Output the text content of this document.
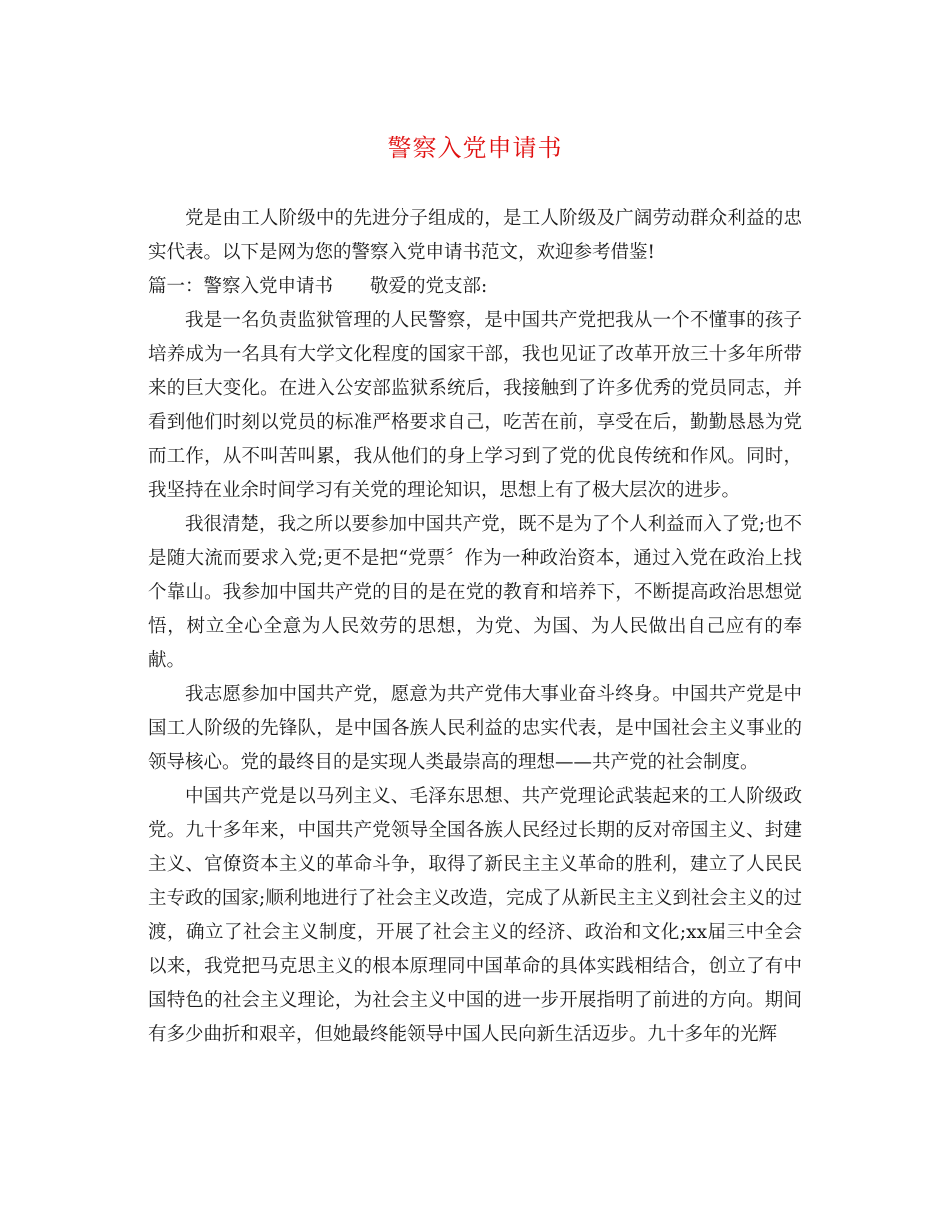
警察入党申请书

党是由工人阶级中的先进分子组成的，是工人阶级及广阔劳动群众利益的忠实代表。以下是网为您的警察入党申请书范文，欢迎参考借鉴!

篇一：警察入党申请书　　敬爱的党支部:

我是一名负责监狱管理的人民警察，是中国共产党把我从一个不懂事的孩子培养成为一名具有大学文化程度的国家干部，我也见证了改革开放三十多年所带来的巨大变化。在进入公安部监狱系统后，我接触到了许多优秀的党员同志，并看到他们时刻以党员的标准严格要求自己，吃苦在前，享受在后，勤勤恳恳为党而工作，从不叫苦叫累，我从他们的身上学习到了党的优良传统和作风。同时，我坚持在业余时间学习有关党的理论知识，思想上有了极大层次的进步。

我很清楚，我之所以要参加中国共产党，既不是为了个人利益而入了党;也不是随大流而要求入党;更不是把“党票〞作为一种政治资本，通过入党在政治上找个靠山。我参加中国共产党的目的是在党的教育和培养下，不断提高政治思想觉悟，树立全心全意为人民效劳的思想，为党、为国、为人民做出自己应有的奉献。

我志愿参加中国共产党，愿意为共产党伟大事业奋斗终身。中国共产党是中国工人阶级的先锋队，是中国各族人民利益的忠实代表，是中国社会主义事业的领导核心。党的最终目的是实现人类最崇高的理想——共产党的社会制度。

中国共产党是以马列主义、毛泽东思想、共产党理论武装起来的工人阶级政党。九十多年来，中国共产党领导全国各族人民经过长期的反对帝国主义、封建主义、官僚资本主义的革命斗争，取得了新民主主义革命的胜利，建立了人民民主专政的国家;顺利地进行了社会主义改造，完成了从新民主主义到社会主义的过渡，确立了社会主义制度，开展了社会主义的经济、政治和文化;xx届三中全会以来，我党把马克思主义的根本原理同中国革命的具体实践相结合，创立了有中国特色的社会主义理论，为社会主义中国的进一步开展指明了前进的方向。期间有多少曲折和艰辛，但她最终能领导中国人民向新生活迈步。九十多年的光辉
